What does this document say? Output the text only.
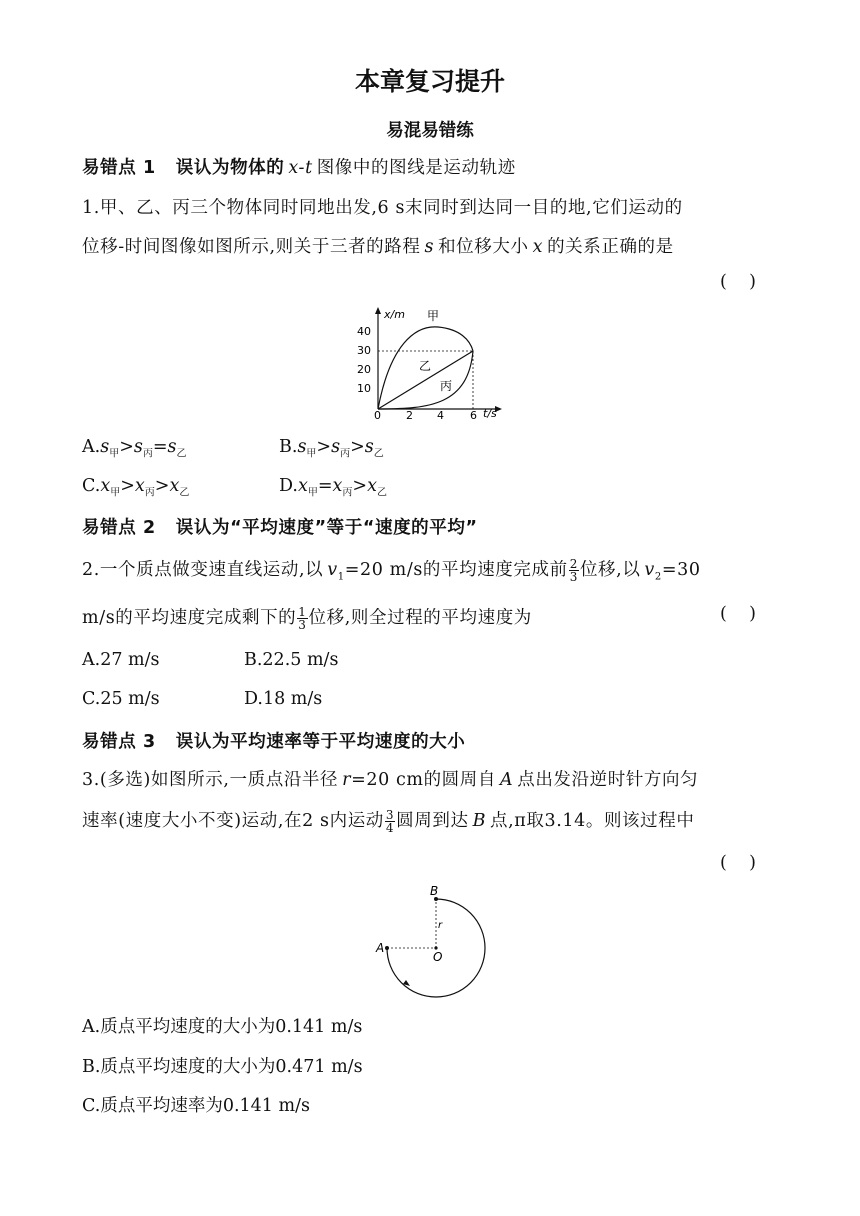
本章复习提升
易混易错练
易错点 1 误认为物体的 x-t 图像中的图线是运动轨迹
1.甲、乙、丙三个物体同时同地出发,6 s末同时到达同一目的地,它们运动的
位移-时间图像如图所示,则关于三者的路程 s 和位移大小 x 的关系正确的是
(    )
x/m
t/s
40
30
20
10
0 2 4 6
甲
乙
丙
$A.s_甲>s_丙=s_乙$	$B.s_甲>s_丙>s_乙$
$C.x_甲>x_丙>x_乙$	$D.x_甲=x_丙>x_乙$
易错点 2 误认为“平均速度”等于“速度的平均”
2.一个质点做变速直线运动,以 $v_1=20$ m/s的平均速度完成前 $\frac{2}{3}$ 位移,以 $v_2=30$
m/s的平均速度完成剩下的 $\frac{1}{3}$ 位移,则全过程的平均速度为	(    )
A.27 m/s	B.22.5 m/s
C.25 m/s	D.18 m/s
易错点 3 误认为平均速率等于平均速度的大小
3.(多选)如图所示,一质点沿半径 r=20 cm的圆周自 A 点出发沿逆时针方向匀
速率(速度大小不变)运动,在2 s内运动 $\frac{3}{4}$ 圆周到达 B 点,π取3.14。则该过程中
(    )
A
B
O
r
A.质点平均速度的大小为0.141 m/s
B.质点平均速度的大小为0.471 m/s
C.质点平均速率为0.141 m/s
